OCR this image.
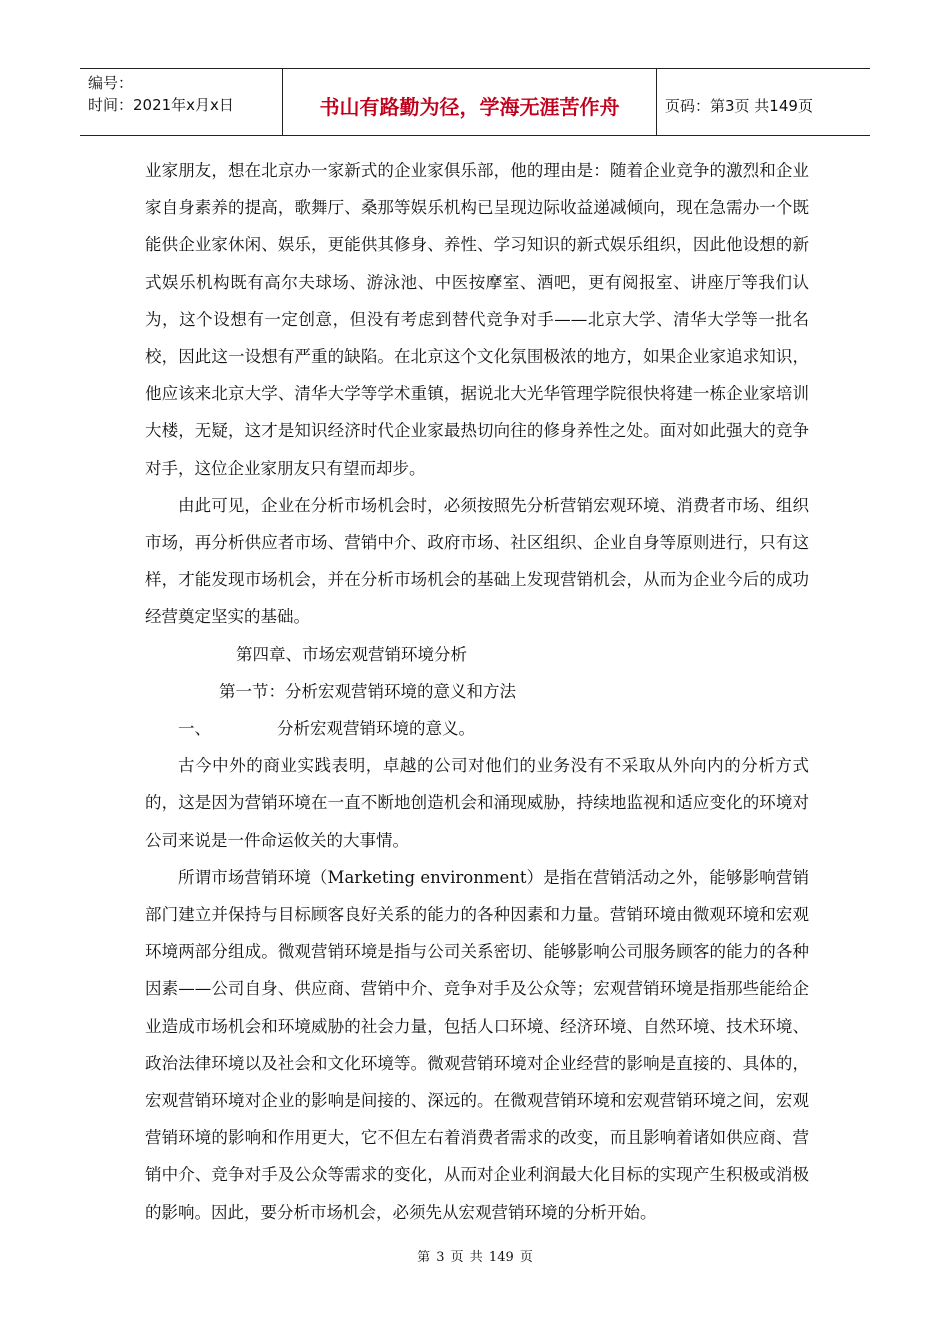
编号：
时间：2021年x月x日	书山有路勤为径，学海无涯苦作舟	页码：第3页 共149页

业家朋友，想在北京办一家新式的企业家俱乐部，他的理由是：随着企业竞争的激烈和企业家自身素养的提高，歌舞厅、桑那等娱乐机构已呈现边际收益递减倾向，现在急需办一个既能供企业家休闲、娱乐，更能供其修身、养性、学习知识的新式娱乐组织，因此他设想的新式娱乐机构既有高尔夫球场、游泳池、中医按摩室、酒吧，更有阅报室、讲座厅等我们认为，这个设想有一定创意，但没有考虑到替代竞争对手——北京大学、清华大学等一批名校，因此这一设想有严重的缺陷。在北京这个文化氛围极浓的地方，如果企业家追求知识，他应该来北京大学、清华大学等学术重镇，据说北大光华管理学院很快将建一栋企业家培训大楼，无疑，这才是知识经济时代企业家最热切向往的修身养性之处。面对如此强大的竞争对手，这位企业家朋友只有望而却步。

由此可见，企业在分析市场机会时，必须按照先分析营销宏观环境、消费者市场、组织市场，再分析供应者市场、营销中介、政府市场、社区组织、企业自身等原则进行，只有这样，才能发现市场机会，并在分析市场机会的基础上发现营销机会，从而为企业今后的成功经营奠定坚实的基础。

第四章、市场宏观营销环境分析

第一节：分析宏观营销环境的意义和方法

一、	分析宏观营销环境的意义。

古今中外的商业实践表明，卓越的公司对他们的业务没有不采取从外向内的分析方式的，这是因为营销环境在一直不断地创造机会和涌现威胁，持续地监视和适应变化的环境对公司来说是一件命运攸关的大事情。

所谓市场营销环境（Marketing environment）是指在营销活动之外，能够影响营销部门建立并保持与目标顾客良好关系的能力的各种因素和力量。营销环境由微观环境和宏观环境两部分组成。微观营销环境是指与公司关系密切、能够影响公司服务顾客的能力的各种因素——公司自身、供应商、营销中介、竞争对手及公众等；宏观营销环境是指那些能给企业造成市场机会和环境威胁的社会力量，包括人口环境、经济环境、自然环境、技术环境、政治法律环境以及社会和文化环境等。微观营销环境对企业经营的影响是直接的、具体的，宏观营销环境对企业的影响是间接的、深远的。在微观营销环境和宏观营销环境之间，宏观营销环境的影响和作用更大，它不但左右着消费者需求的改变，而且影响着诸如供应商、营销中介、竞争对手及公众等需求的变化，从而对企业利润最大化目标的实现产生积极或消极的影响。因此，要分析市场机会，必须先从宏观营销环境的分析开始。

第 3 页 共 149 页
